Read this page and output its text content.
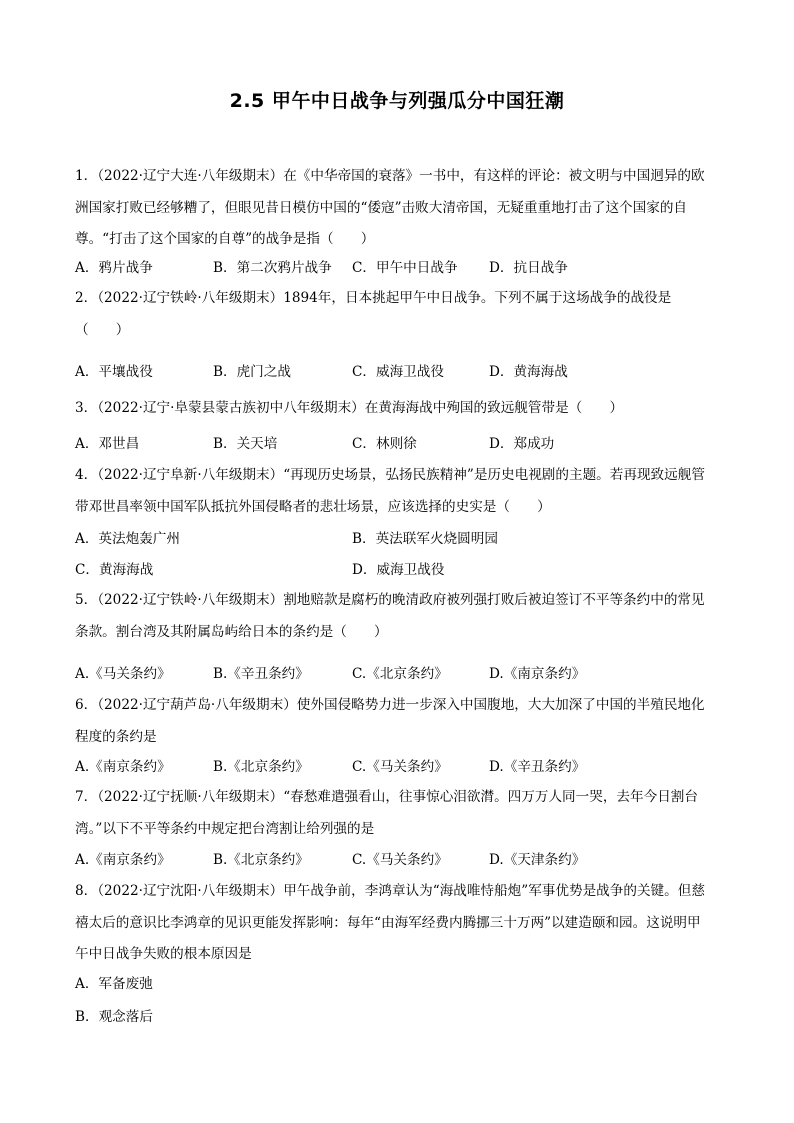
2.5 甲午中日战争与列强瓜分中国狂潮
1．（2022·辽宁大连·八年级期末）在《中华帝国的衰落》一书中，有这样的评论：被文明与中国迥异的欧
洲国家打败已经够糟了，但眼见昔日模仿中国的“倭寇”击败大清帝国，无疑重重地打击了这个国家的自
尊。“打击了这个国家的自尊”的战争是指（　　）
A．鸦片战争	B．第二次鸦片战争 C．甲午中日战争 D．抗日战争
2．（2022·辽宁铁岭·八年级期末）1894年，日本挑起甲午中日战争。下列不属于这场战争的战役是
（　　）
A．平壤战役	B．虎门之战	C．威海卫战役	D．黄海海战
3．（2022·辽宁·阜蒙县蒙古族初中八年级期末）在黄海海战中殉国的致远舰管带是（　　）
A．邓世昌	B．关天培	C．林则徐	D．郑成功
4．（2022·辽宁阜新·八年级期末）“再现历史场景，弘扬民族精神”是历史电视剧的主题。若再现致远舰管
带邓世昌率领中国军队抵抗外国侵略者的悲壮场景，应该选择的史实是（　　）
A．英法炮轰广州	B．英法联军火烧圆明园
C．黄海海战	D．威海卫战役
5．（2022·辽宁铁岭·八年级期末）割地赔款是腐朽的晚清政府被列强打败后被迫签订不平等条约中的常见
条款。割台湾及其附属岛屿给日本的条约是（　　）
A.《马关条约》	B.《辛丑条约》	C.《北京条约》	D.《南京条约》
6．（2022·辽宁葫芦岛·八年级期末）使外国侵略势力进一步深入中国腹地，大大加深了中国的半殖民地化
程度的条约是
A.《南京条约》	B.《北京条约》	C.《马关条约》	D.《辛丑条约》
7．（2022·辽宁抚顺·八年级期末）“春愁难遣强看山，往事惊心泪欲潸。四万万人同一哭，去年今日割台
湾。”以下不平等条约中规定把台湾割让给列强的是
A.《南京条约》	B.《北京条约》	C.《马关条约》	D.《天津条约》
8．（2022·辽宁沈阳·八年级期末）甲午战争前，李鸿章认为“海战唯恃船炮”军事优势是战争的关键。但慈
禧太后的意识比李鸿章的见识更能发挥影响：每年“由海军经费内腾挪三十万两”以建造颐和园。这说明甲
午中日战争失败的根本原因是
A．军备废弛
B．观念落后
